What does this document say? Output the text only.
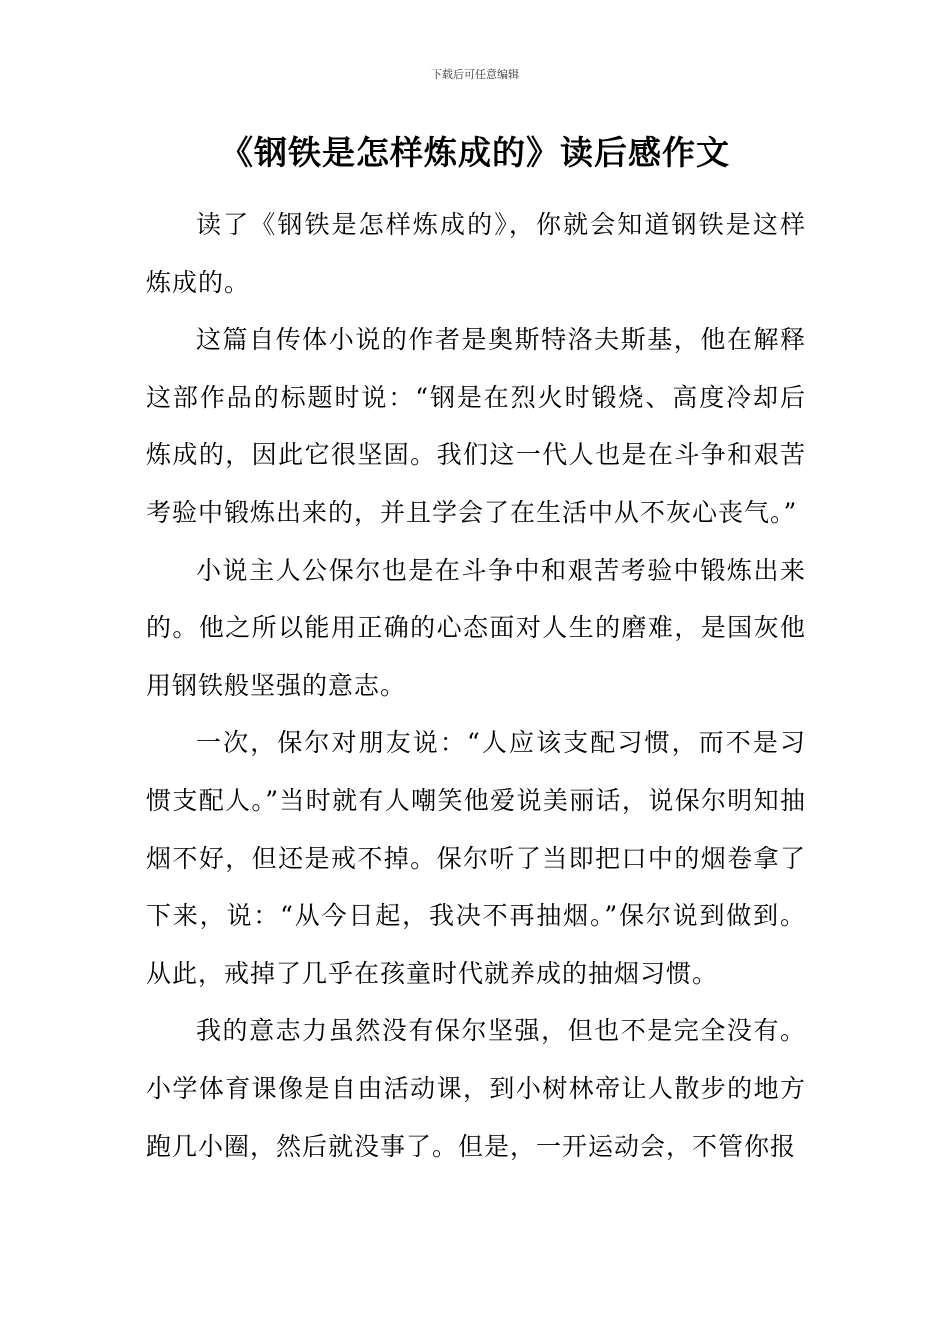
下载后可任意编辑
《钢铁是怎样炼成的》读后感作文

读了《钢铁是怎样炼成的》，你就会知道钢铁是这样炼成的。

这篇自传体小说的作者是奥斯特洛夫斯基，他在解释这部作品的标题时说：“钢是在烈火时锻烧、高度冷却后炼成的，因此它很坚固。我们这一代人也是在斗争和艰苦考验中锻炼出来的，并且学会了在生活中从不灰心丧气。”

小说主人公保尔也是在斗争中和艰苦考验中锻炼出来的。他之所以能用正确的心态面对人生的磨难，是国灰他用钢铁般坚强的意志。

一次，保尔对朋友说：“人应该支配习惯，而不是习惯支配人。”当时就有人嘲笑他爱说美丽话，说保尔明知抽烟不好，但还是戒不掉。保尔听了当即把口中的烟卷拿了下来，说：“从今日起，我决不再抽烟。”保尔说到做到。从此，戒掉了几乎在孩童时代就养成的抽烟习惯。

我的意志力虽然没有保尔坚强，但也不是完全没有。小学体育课像是自由活动课，到小树林帝让人散步的地方跑几小圈，然后就没事了。但是，一开运动会，不管你报
